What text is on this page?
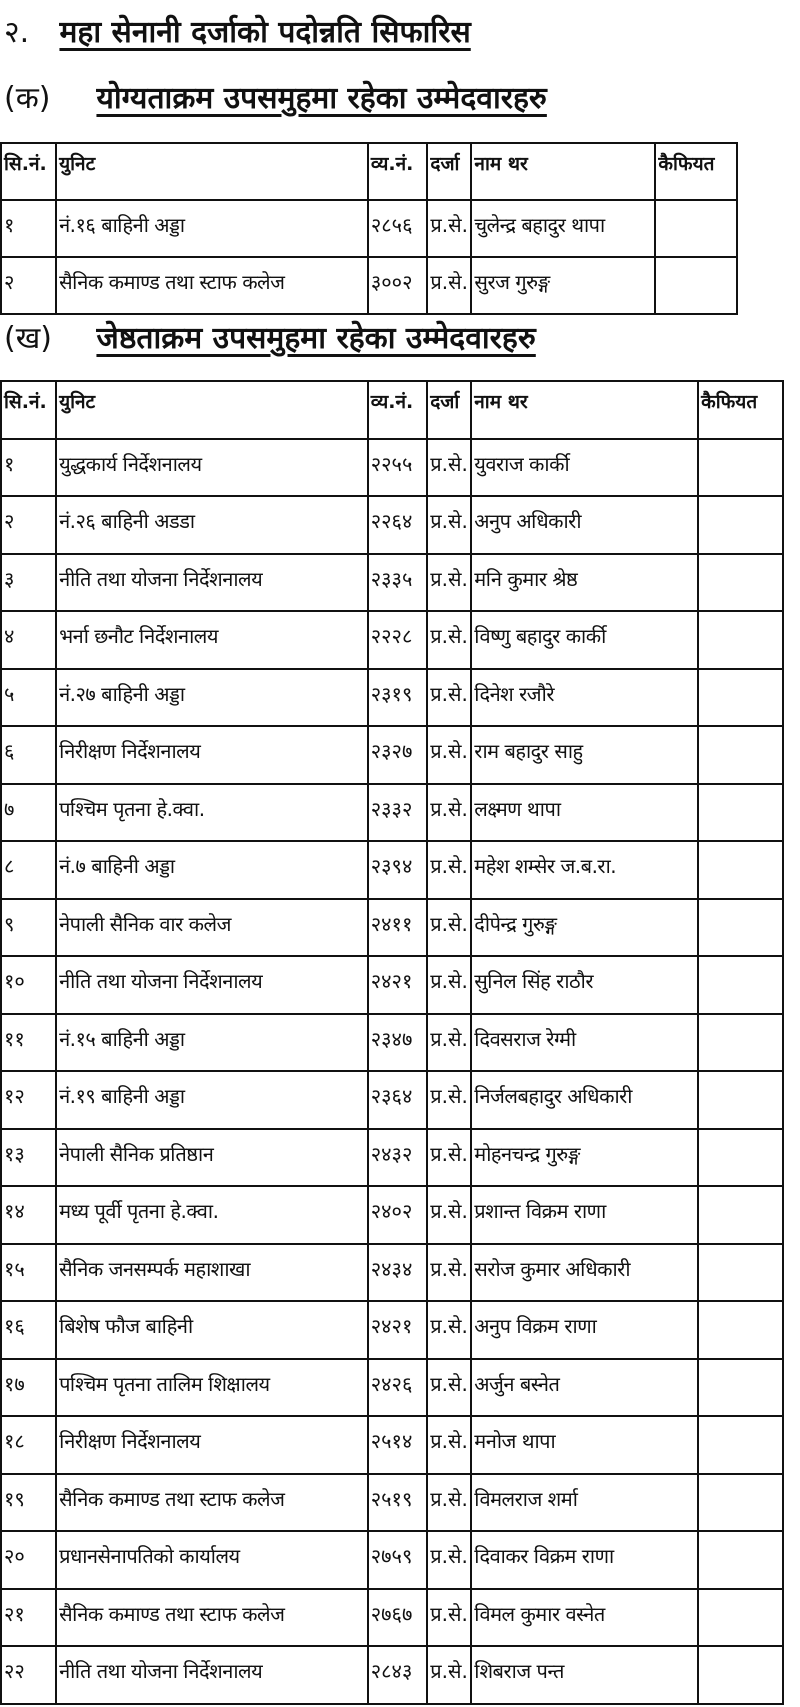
२. महा सेनानी दर्जाको पदोन्नति सिफारिस
(क) योग्यताक्रम उपसमुहमा रहेका उम्मेदवारहरु
सि.नं.	युनिट	व्य.नं.	दर्जा	नाम थर	कैफियत
१	नं.१६ बाहिनी अड्डा	२८५६	प्र.से.	चुलेन्द्र बहादुर थापा	
२	सैनिक कमाण्ड तथा स्टाफ कलेज	३००२	प्र.से.	सुरज गुरुङ्ग	
(ख) जेष्ठताक्रम उपसमुहमा रहेका उम्मेदवारहरु
सि.नं.	युनिट	व्य.नं.	दर्जा	नाम थर	कैफियत
१	युद्धकार्य निर्देशनालय	२२५५	प्र.से.	युवराज कार्की	
२	नं.२६ बाहिनी अडडा	२२६४	प्र.से.	अनुप अधिकारी	
३	नीति तथा योजना निर्देशनालय	२३३५	प्र.से.	मनि कुमार श्रेष्ठ	
४	भर्ना छनौट निर्देशनालय	२२२८	प्र.से.	विष्णु बहादुर कार्की	
५	नं.२७ बाहिनी अड्डा	२३१९	प्र.से.	दिनेश रजौरे	
६	निरीक्षण निर्देशनालय	२३२७	प्र.से.	राम बहादुर साहु	
७	पश्चिम पृतना हे.क्वा.	२३३२	प्र.से.	लक्ष्मण थापा	
८	नं.७ बाहिनी अड्डा	२३९४	प्र.से.	महेश शम्सेर ज.ब.रा.	
९	नेपाली सैनिक वार कलेज	२४११	प्र.से.	दीपेन्द्र गुरुङ्ग	
१०	नीति तथा योजना निर्देशनालय	२४२१	प्र.से.	सुनिल सिंह राठौर	
११	नं.१५ बाहिनी अड्डा	२३४७	प्र.से.	दिवसराज रेग्मी	
१२	नं.१९ बाहिनी अड्डा	२३६४	प्र.से.	निर्जलबहादुर अधिकारी	
१३	नेपाली सैनिक प्रतिष्ठान	२४३२	प्र.से.	मोहनचन्द्र गुरुङ्ग	
१४	मध्य पूर्वी पृतना हे.क्वा.	२४०२	प्र.से.	प्रशान्त विक्रम राणा	
१५	सैनिक जनसम्पर्क महाशाखा	२४३४	प्र.से.	सरोज कुमार अधिकारी	
१६	बिशेष फौज बाहिनी	२४२१	प्र.से.	अनुप विक्रम राणा	
१७	पश्चिम पृतना तालिम शिक्षालय	२४२६	प्र.से.	अर्जुन बस्नेत	
१८	निरीक्षण निर्देशनालय	२५१४	प्र.से.	मनोज थापा	
१९	सैनिक कमाण्ड तथा स्टाफ कलेज	२५१९	प्र.से.	विमलराज शर्मा	
२०	प्रधानसेनापतिको कार्यालय	२७५९	प्र.से.	दिवाकर विक्रम राणा	
२१	सैनिक कमाण्ड तथा स्टाफ कलेज	२७६७	प्र.से.	विमल कुमार वस्नेत	
२२	नीति तथा योजना निर्देशनालय	२८४३	प्र.से.	शिबराज पन्त	
